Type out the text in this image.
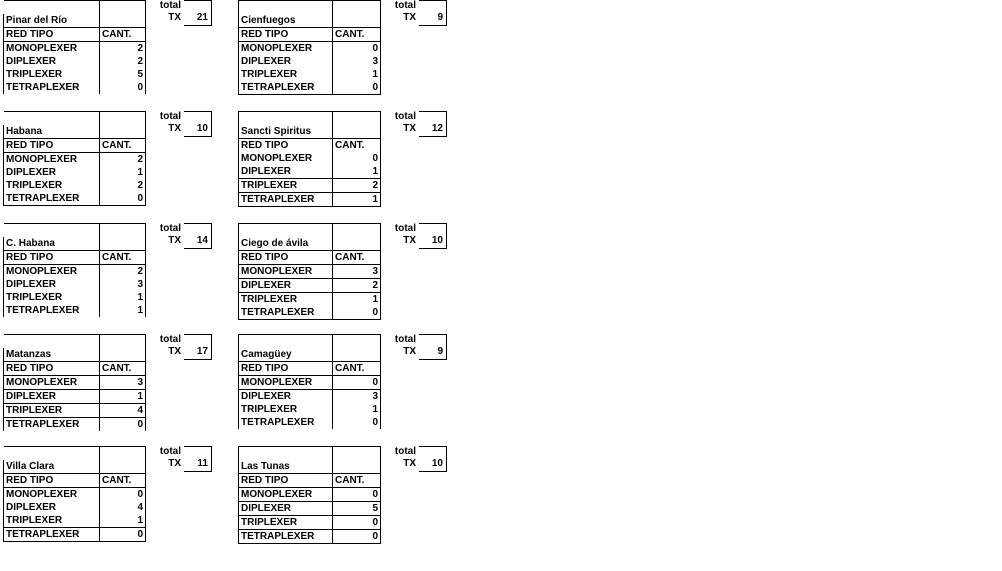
Pinar del Río	
RED TIPO	CANT.
MONOPLEXER	2
DIPLEXER	2
TRIPLEXER	5
TETRAPLEXER	0
total
TX	21

Habana	
RED TIPO	CANT.
MONOPLEXER	2
DIPLEXER	1
TRIPLEXER	2
TETRAPLEXER	0
total
TX	10

C. Habana	
RED TIPO	CANT.
MONOPLEXER	2
DIPLEXER	3
TRIPLEXER	1
TETRAPLEXER	1
total
TX	14

Matanzas	
RED TIPO	CANT.
MONOPLEXER	3
DIPLEXER	1
TRIPLEXER	4
TETRAPLEXER	0
total
TX	17

Villa Clara	
RED TIPO	CANT.
MONOPLEXER	0
DIPLEXER	4
TRIPLEXER	1
TETRAPLEXER	0
total
TX	11

Cienfuegos	
RED TIPO	CANT.
MONOPLEXER	0
DIPLEXER	3
TRIPLEXER	1
TETRAPLEXER	0
total
TX	9

Sancti Spiritus	
RED TIPO	CANT.
MONOPLEXER	0
DIPLEXER	1
TRIPLEXER	2
TETRAPLEXER	1
total
TX	12

Ciego de ávila	
RED TIPO	CANT.
MONOPLEXER	3
DIPLEXER	2
TRIPLEXER	1
TETRAPLEXER	0
total
TX	10

Camagüey	
RED TIPO	CANT.
MONOPLEXER	0
DIPLEXER	3
TRIPLEXER	1
TETRAPLEXER	0
total
TX	9

Las Tunas	
RED TIPO	CANT.
MONOPLEXER	0
DIPLEXER	5
TRIPLEXER	0
TETRAPLEXER	0
total
TX	10
